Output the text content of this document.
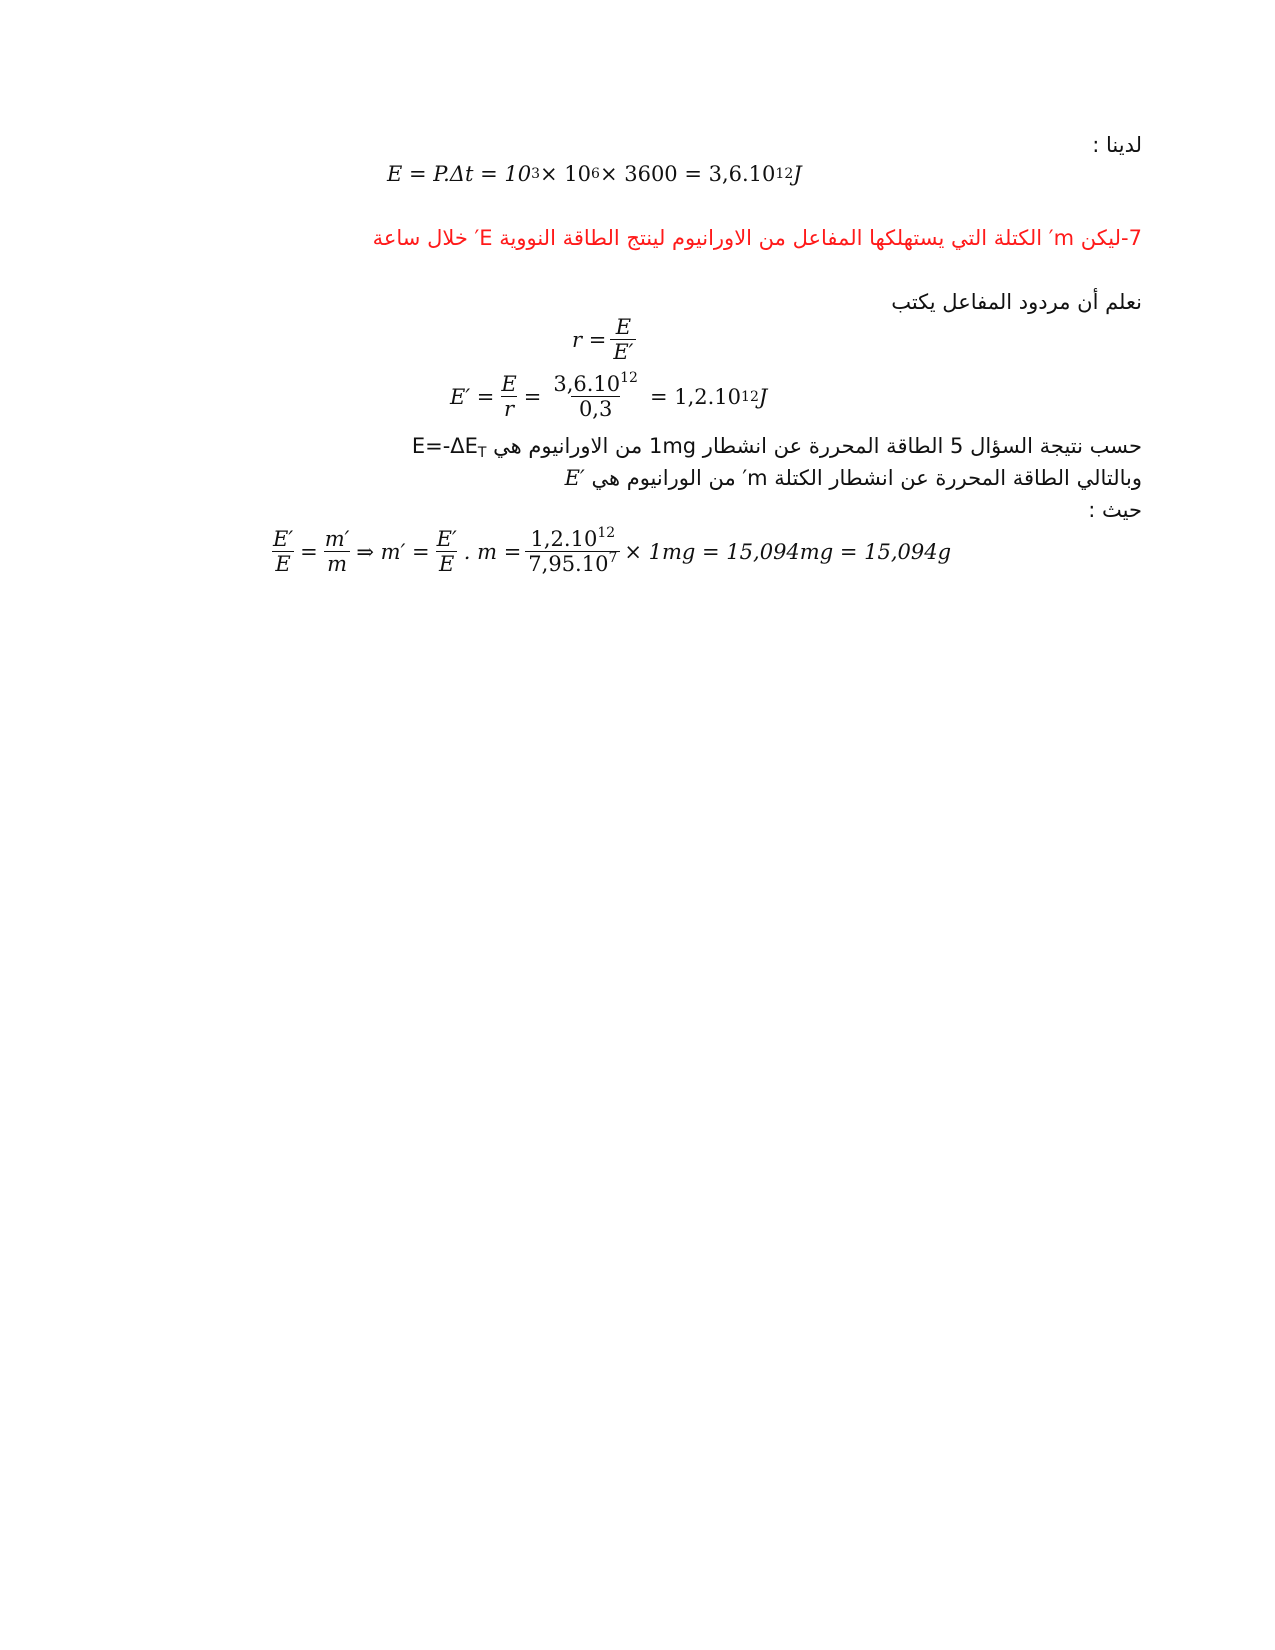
لدينا :
E = P.Δt = 10 3 × 10 6 × 3600 = 3,6.10 12 J
7-ليكن m′ الكتلة التي يستهلكها المفاعل من الاورانيوم لينتج الطاقة النووية E′ خلال ساعة
نعلم أن مردود المفاعل يكتب
$r = \frac{E}{E'}$
$E' = \frac{E}{r} = \frac{3,6.10^{12}}{0,3} = 1,2.10$ 12 J
حسب نتيجة السؤال 5 الطاقة المحررة عن انشطار 1mg من الاورانيوم هي $E=-\Delta E_T$
وبالتالي الطاقة المحررة عن انشطار الكتلة m′ من الورانيوم هي E′
حيث :
$\frac{E'}{E} = \frac{m'}{m}$ ⇒ $m' = \frac{E'}{E}$ . $m = \frac{1,2.10^{12}}{7,95.10^7} \times 1mg = 15,094mg = 15,094g$
